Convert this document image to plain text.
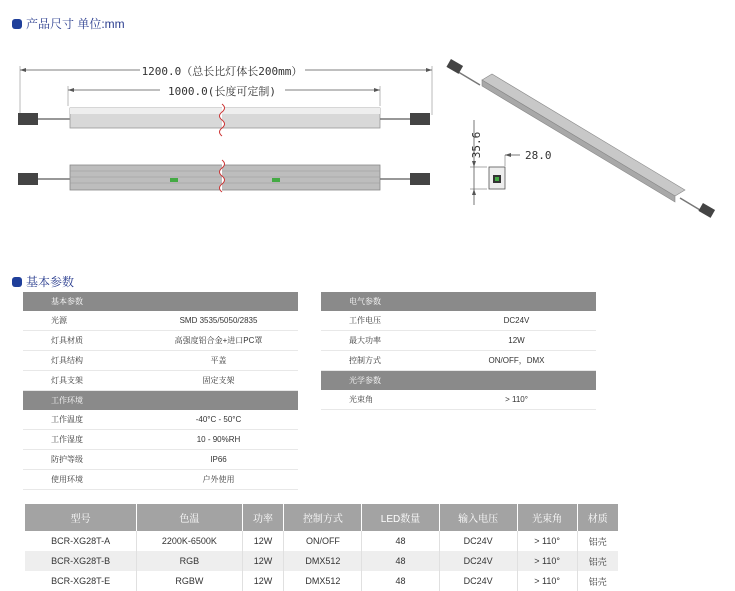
产品尺寸 单位:mm
1200.0（总长比灯体长200mm）
1000.0(长度可定制)
35.6	28.0
基本参数
基本参数	
光源	SMD 3535/5050/2835
灯具材质	高强度铝合金+进口PC罩
灯具结构	平盖
灯具支架	固定支架
工作环境	
工作温度	-40°C - 50°C
工作湿度	10 - 90%RH
防护等级	IP66
使用环境	户外使用
电气参数	
工作电压	DC24V
最大功率	12W
控制方式	ON/OFF，DMX
光学参数	
光束角	> 110°
型号	色温	功率	控制方式	LED数量	输入电压	光束角	材质
BCR-XG28T-A	2200K-6500K	12W	ON/OFF	48	DC24V	> 110°	铝壳
BCR-XG28T-B	RGB	12W	DMX512	48	DC24V	> 110°	铝壳
BCR-XG28T-E	RGBW	12W	DMX512	48	DC24V	> 110°	铝壳
